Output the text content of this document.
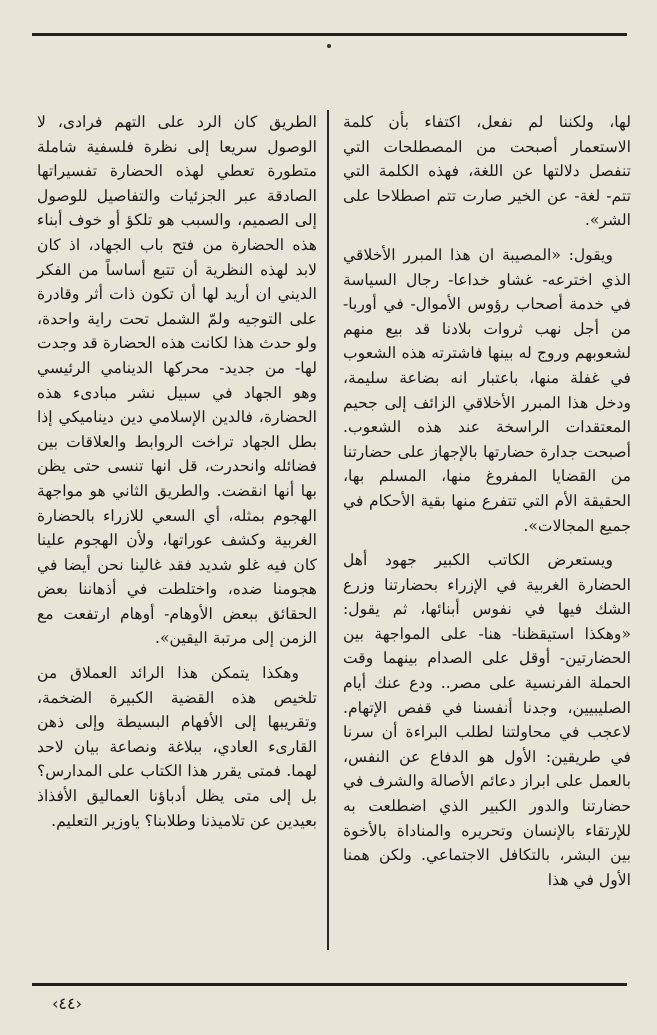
لها، ولكننا لم نفعل، اكتفاء بأن كلمة الاستعمار أصبحت من المصطلحات التي تنفصل دلالتها عن اللغة، فهذه الكلمة التي تتم- لغة- عن الخير صارت تتم اصطلاحا على الشر».

ويقول: «المصيبة ان هذا المبرر الأخلاقي الذي اخترعه- غشاو خداعا- رجال السياسة في خدمة أصحاب رؤوس الأموال- في أوربا- من أجل نهب ثروات بلادنا قد بيع منهم لشعوبهم وروج له بينها فاشترته هذه الشعوب في غفلة منها، باعتبار انه بضاعة سليمة، ودخل هذا المبرر الأخلاقي الزائف إلى جحيم المعتقدات الراسخة عند هذه الشعوب. أصبحت جدارة حضارتها بالإجهاز على حضارتنا من القضايا المفروغ منها، المسلم بها، الحقيقة الأم التي تتفرع منها بقية الأحكام في جميع المجالات».

ويستعرض الكاتب الكبير جهود أهل الحضارة الغربية في الإزراء بحضارتنا وزرع الشك فيها في نفوس أبنائها، ثم يقول: «وهكذا استيقظنا- هنا- على المواجهة بين الحضارتين- أوقل على الصدام بينهما وقت الحملة الفرنسية على مصر.. ودع عنك أيام الصليبيين، وجدنا أنفسنا في قفص الإتهام. لاعجب في محاولتنا لطلب البراءة أن سرنا في طريقين: الأول هو الدفاع عن النفس، بالعمل على ابراز دعائم الأصالة والشرف في حضارتنا والدور الكبير الذي اضطلعت به للإرتقاء بالإنسان وتحريره والمناداة بالأخوة بين البشر، بالتكافل الاجتماعي. ولكن همنا الأول في هذا

الطريق كان الرد على التهم فرادى، لا الوصول سريعا إلى نظرة فلسفية شاملة متطورة تعطي لهذه الحضارة تفسيراتها الصادقة عبر الجزئيات والتفاصيل للوصول إلى الصميم، والسبب هو تلكؤ أو خوف أبناء هذه الحضارة من فتح باب الجهاد، اذ كان لابد لهذه النظرية أن تتبع أساساً من الفكر الديني ان أريد لها أن تكون ذات أثر وقادرة على التوجيه ولمّ الشمل تحت راية واحدة، ولو حدث هذا لكانت هذه الحضارة قد وجدت لها- من جديد- محركها الدينامي الرئيسي وهو الجهاد في سبيل نشر مبادىء هذه الحضارة، فالدين الإسلامي دين ديناميكي إذا بطل الجهاد تراخت الروابط والعلاقات بين فضائله وانحدرت، قل انها تنسى حتى يظن بها أنها انقضت. والطريق الثاني هو مواجهة الهجوم بمثله، أي السعي للازراء بالحضارة الغربية وكشف عوراتها، ولأن الهجوم علينا كان فيه غلو شديد فقد غالينا نحن أيضا في هجومنا ضده، واختلطت في أذهاننا بعض الحقائق ببعض الأوهام- أوهام ارتفعت مع الزمن إلى مرتبة اليقين».

وهكذا يتمكن هذا الرائد العملاق من تلخيص هذه القضية الكبيرة الضخمة، وتقريبها إلى الأفهام البسيطة وإلى ذهن القارىء العادي، ببلاغة ونصاعة بيان لاحد لهما. فمتى يقرر هذا الكتاب على المدارس؟ بل إلى متى يظل أدباؤنا العماليق الأفذاذ بعيدين عن تلاميذنا وطلابنا؟ ياوزير التعليم.

‹٤٤›
